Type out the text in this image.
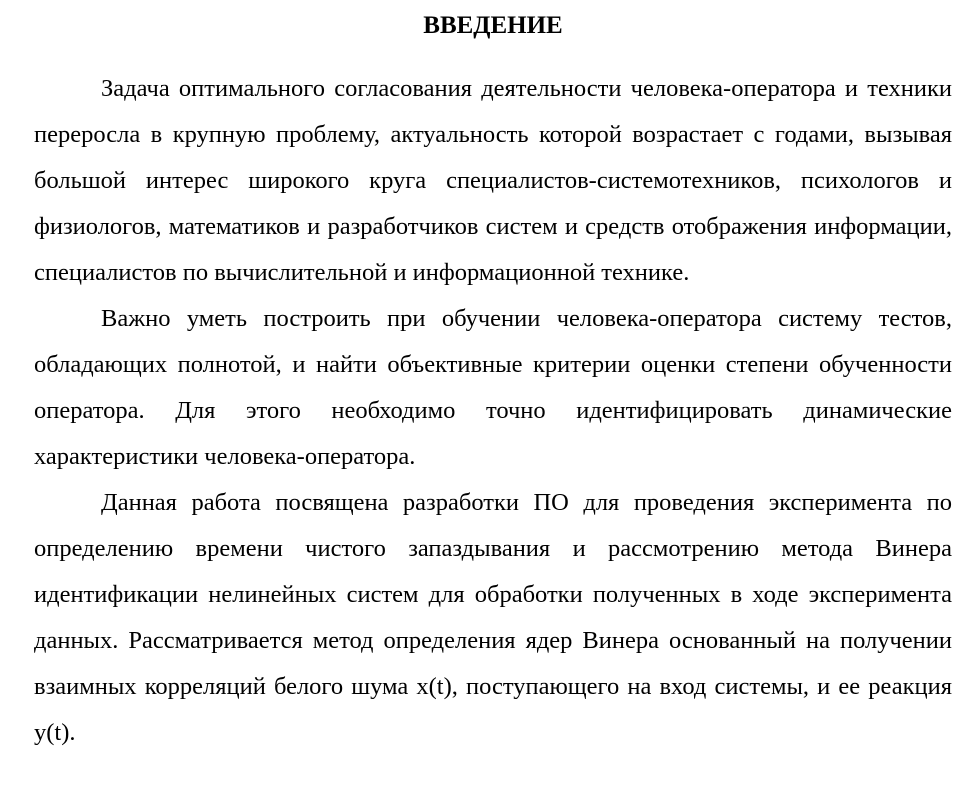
ВВЕДЕНИЕ

Задача оптимального согласования деятельности человека-оператора и техники переросла в крупную проблему, актуальность которой возрастает с годами, вызывая большой интерес широкого круга специалистов-системотехников, психологов и физиологов, математиков и разработчиков систем и средств отображения информации, специалистов по вычислительной и информационной технике.

Важно уметь построить при обучении человека-оператора систему тестов, обладающих полнотой, и найти объективные критерии оценки степени обученности оператора. Для этого необходимо точно идентифицировать динамические характеристики человека-оператора.

Данная работа посвящена разработки ПО для проведения эксперимента по определению времени чистого запаздывания и рассмотрению метода Винера идентификации нелинейных систем для обработки полученных в ходе эксперимента данных. Рассматривается метод определения ядер Винера основанный на получении взаимных корреляций белого шума x(t), поступающего на вход системы, и ее реакция y(t).
